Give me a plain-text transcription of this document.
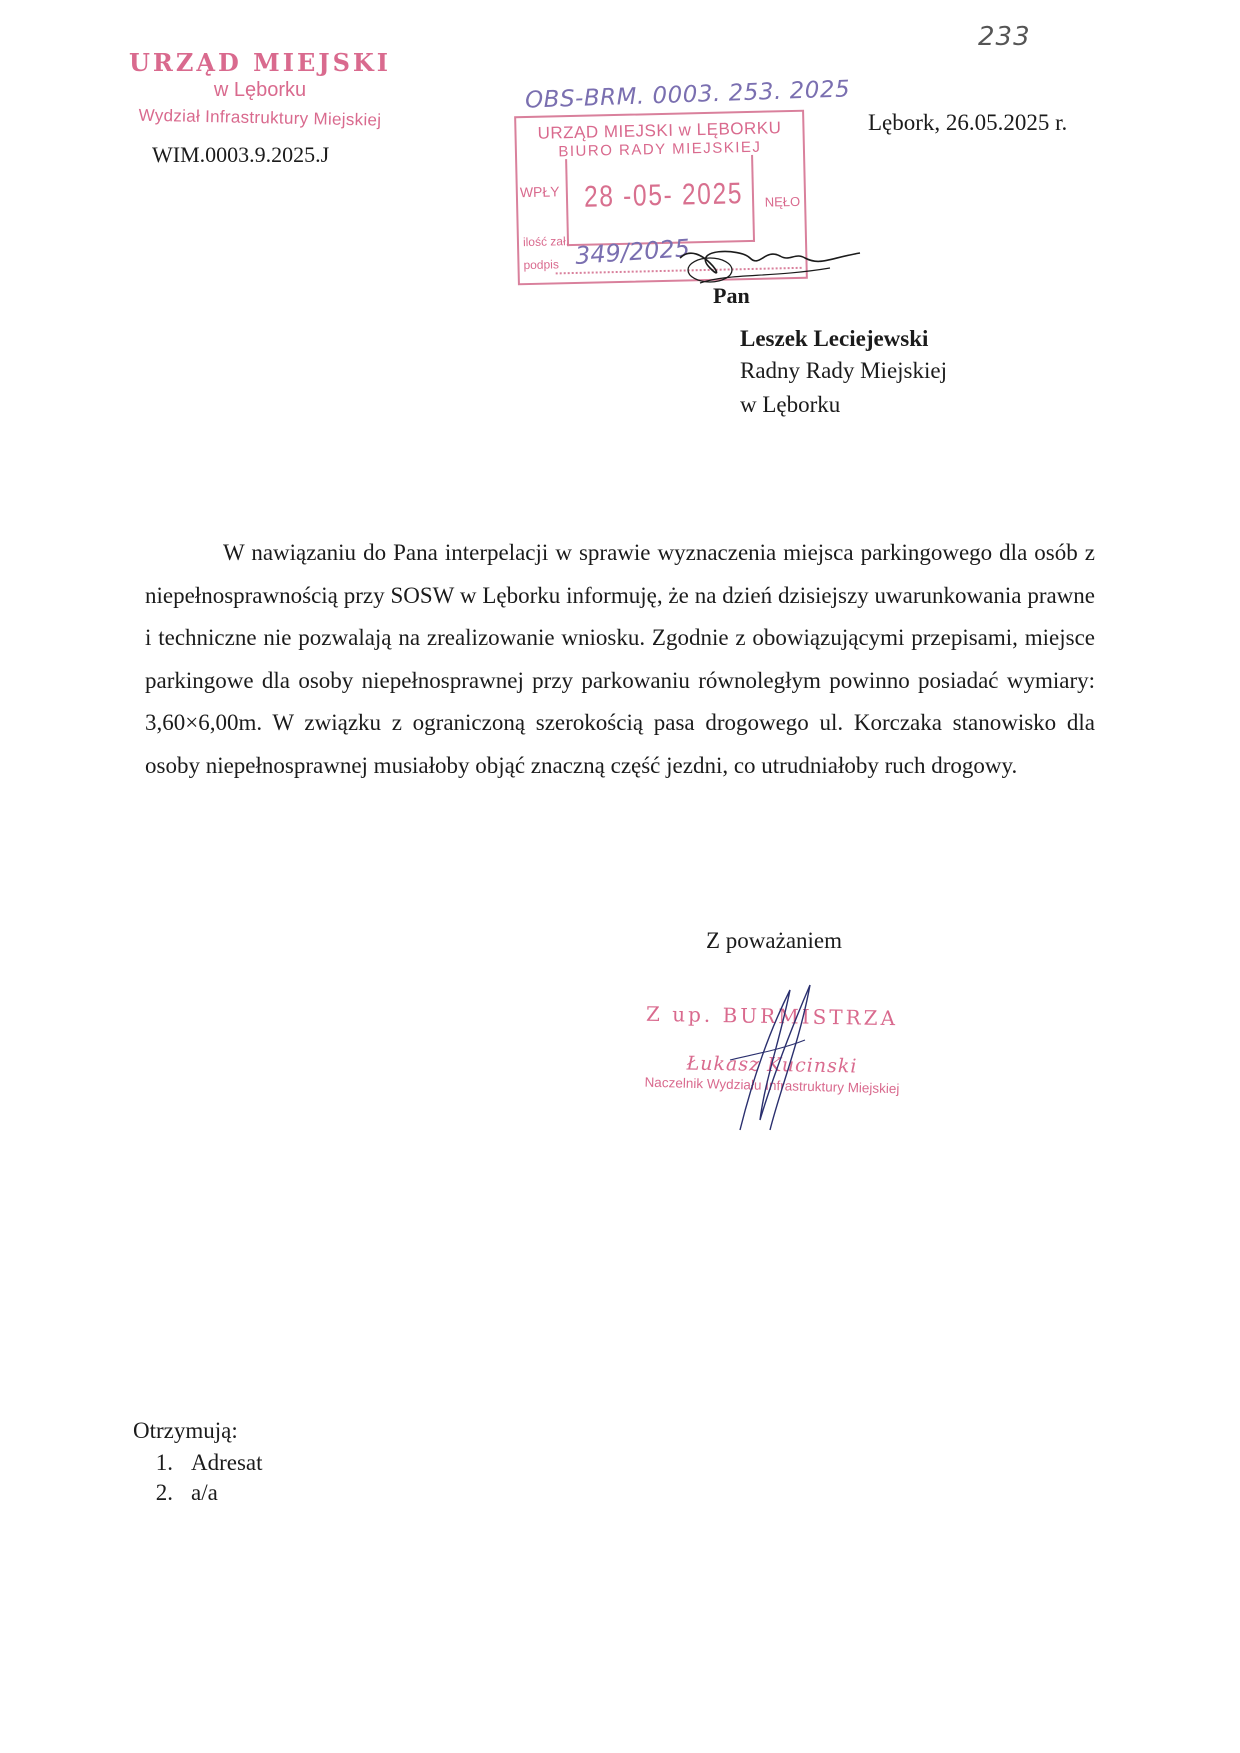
233
URZĄD MIEJSKI
w Lęborku
Wydział Infrastruktury Miejskiej
WIM.0003.9.2025.J
Lębork, 26.05.2025 r.
OBS-BRM. 0003. 253. 2025
URZĄD MIEJSKI w LĘBORKU
BIURO RADY MIEJSKIEJ
WPŁY
NĘŁO
28 -05- 2025
ilość zał.
podpis 349/2025
Pan
Leszek Leciejewski
Radny Rady Miejskiej
w Lęborku
W nawiązaniu do Pana interpelacji w sprawie wyznaczenia miejsca parkingowego dla osób z niepełnosprawnością przy SOSW w Lęborku informuję, że na dzień dzisiejszy uwarunkowania prawne i techniczne nie pozwalają na zrealizowanie wniosku. Zgodnie z obowiązującymi przepisami, miejsce parkingowe dla osoby niepełnosprawnej przy parkowaniu równoległym powinno posiadać wymiary: 3,60×6,00m. W związku z ograniczoną szerokością pasa drogowego ul. Korczaka stanowisko dla osoby niepełnosprawnej musiałoby objąć znaczną część jezdni, co utrudniałoby ruch drogowy.
Z poważaniem
Z up. BURMISTRZA
Łukasz Kucinski
Naczelnik Wydziału Infrastruktury Miejskiej
Otrzymują:
1. Adresat
2. a/a
